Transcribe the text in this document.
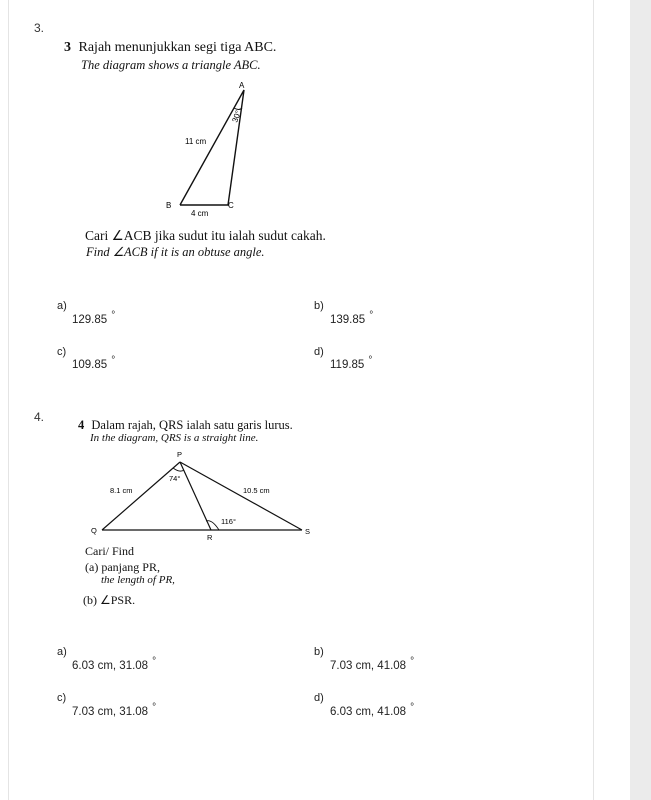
3.
3 Rajah menunjukkan segi tiga ABC.
The diagram shows a triangle ABC.
A
30°
11 cm
B	C
4 cm
Cari ∠ACB jika sudut itu ialah sudut cakah.
Find ∠ACB if it is an obtuse angle.
a)
129.85 °
b)
139.85 °
c)
109.85 °
d)
119.85 °
4.
4 Dalam rajah, QRS ialah satu garis lurus.
In the diagram, QRS is a straight line.
P
74°
8.1 cm	10.5 cm
116°
Q
R
S
Cari/ Find
(a) panjang PR,
the length of PR,
(b) ∠PSR.
a)
6.03 cm, 31.08 °
b)
7.03 cm, 41.08 °
c)
7.03 cm, 31.08 °
d)
6.03 cm, 41.08 °
